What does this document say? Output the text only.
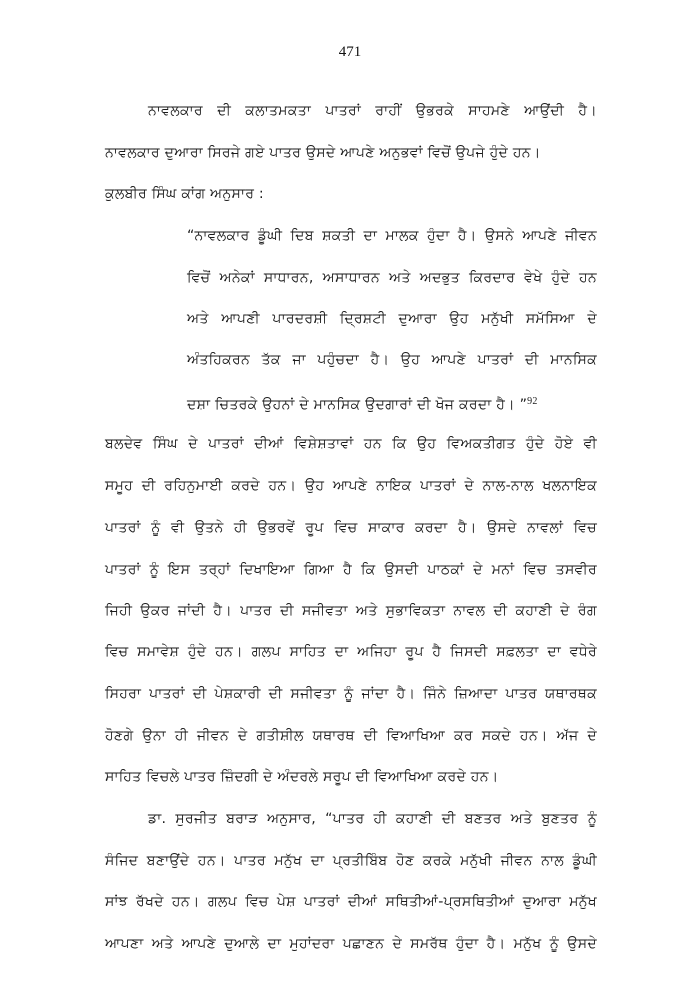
471
ਨਾਵਲਕਾਰ ਦੀ ਕਲਾਤਮਕਤਾ ਪਾਤਰਾਂ ਰਾਹੀਂ ਉਭਰਕੇ ਸਾਹਮਣੇ ਆਉਂਦੀ ਹੈ।
ਨਾਵਲਕਾਰ ਦੁਆਰਾ ਸਿਰਜੇ ਗਏ ਪਾਤਰ ਉਸਦੇ ਆਪਣੇ ਅਨੁਭਵਾਂ ਵਿਚੋਂ ਉਪਜੇ ਹੁੰਦੇ ਹਨ।
ਕੁਲਬੀਰ ਸਿੰਘ ਕਾਂਗ ਅਨੁਸਾਰ :
“ਨਾਵਲਕਾਰ ਡੂੰਘੀ ਦਿਬ ਸ਼ਕਤੀ ਦਾ ਮਾਲਕ ਹੁੰਦਾ ਹੈ। ਉਸਨੇ ਆਪਣੇ ਜੀਵਨ
ਵਿਚੋਂ ਅਨੇਕਾਂ ਸਾਧਾਰਨ, ਅਸਾਧਾਰਨ ਅਤੇ ਅਦਭੁਤ ਕਿਰਦਾਰ ਵੇਖੇ ਹੁੰਦੇ ਹਨ
ਅਤੇ ਆਪਣੀ ਪਾਰਦਰਸ਼ੀ ਦ੍ਰਿਸ਼ਟੀ ਦੁਆਰਾ ਉਹ ਮਨੁੱਖੀ ਸਮੱਸਿਆ ਦੇ
ਅੰਤਹਿਕਰਨ ਤੱਕ ਜਾ ਪਹੁੰਚਦਾ ਹੈ। ਉਹ ਆਪਣੇ ਪਾਤਰਾਂ ਦੀ ਮਾਨਸਿਕ
ਦਸ਼ਾ ਚਿਤਰਕੇ ਉਹਨਾਂ ਦੇ ਮਾਨਸਿਕ ਉਦਗਾਰਾਂ ਦੀ ਖੋਜ ਕਰਦਾ ਹੈ। ”$^{92}$
ਬਲਦੇਵ ਸਿੰਘ ਦੇ ਪਾਤਰਾਂ ਦੀਆਂ ਵਿਸ਼ੇਸ਼ਤਾਵਾਂ ਹਨ ਕਿ ਉਹ ਵਿਅਕਤੀਗਤ ਹੁੰਦੇ ਹੋਏ ਵੀ
ਸਮੂਹ ਦੀ ਰਹਿਨੁਮਾਈ ਕਰਦੇ ਹਨ। ਉਹ ਆਪਣੇ ਨਾਇਕ ਪਾਤਰਾਂ ਦੇ ਨਾਲ-ਨਾਲ ਖਲਨਾਇਕ
ਪਾਤਰਾਂ ਨੂੰ ਵੀ ਉਤਨੇ ਹੀ ਉਭਰਵੇਂ ਰੂਪ ਵਿਚ ਸਾਕਾਰ ਕਰਦਾ ਹੈ। ਉਸਦੇ ਨਾਵਲਾਂ ਵਿਚ
ਪਾਤਰਾਂ ਨੂੰ ਇਸ ਤਰ੍ਹਾਂ ਦਿਖਾਇਆ ਗਿਆ ਹੈ ਕਿ ਉਸਦੀ ਪਾਠਕਾਂ ਦੇ ਮਨਾਂ ਵਿਚ ਤਸਵੀਰ
ਜਿਹੀ ਉਕਰ ਜਾਂਦੀ ਹੈ। ਪਾਤਰ ਦੀ ਸਜੀਵਤਾ ਅਤੇ ਸੁਭਾਵਿਕਤਾ ਨਾਵਲ ਦੀ ਕਹਾਣੀ ਦੇ ਰੰਗ
ਵਿਚ ਸਮਾਵੇਸ਼ ਹੁੰਦੇ ਹਨ। ਗਲਪ ਸਾਹਿਤ ਦਾ ਅਜਿਹਾ ਰੂਪ ਹੈ ਜਿਸਦੀ ਸਫ਼ਲਤਾ ਦਾ ਵਧੇਰੇ
ਸਿਹਰਾ ਪਾਤਰਾਂ ਦੀ ਪੇਸ਼ਕਾਰੀ ਦੀ ਸਜੀਵਤਾ ਨੂੰ ਜਾਂਦਾ ਹੈ। ਜਿੰਨੇ ਜ਼ਿਆਦਾ ਪਾਤਰ ਯਥਾਰਥਕ
ਹੋਣਗੇ ਉਨਾ ਹੀ ਜੀਵਨ ਦੇ ਗਤੀਸ਼ੀਲ ਯਥਾਰਥ ਦੀ ਵਿਆਖਿਆ ਕਰ ਸਕਦੇ ਹਨ। ਅੱਜ ਦੇ
ਸਾਹਿਤ ਵਿਚਲੇ ਪਾਤਰ ਜ਼ਿੰਦਗੀ ਦੇ ਅੰਦਰਲੇ ਸਰੂਪ ਦੀ ਵਿਆਖਿਆ ਕਰਦੇ ਹਨ।
ਡਾ. ਸੁਰਜੀਤ ਬਰਾੜ ਅਨੁਸਾਰ, “ਪਾਤਰ ਹੀ ਕਹਾਣੀ ਦੀ ਬਣਤਰ ਅਤੇ ਬੁਣਤਰ ਨੂੰ
ਸੰਜਿਦ ਬਣਾਉਂਦੇ ਹਨ। ਪਾਤਰ ਮਨੁੱਖ ਦਾ ਪ੍ਰਤੀਬਿੰਬ ਹੋਣ ਕਰਕੇ ਮਨੁੱਖੀ ਜੀਵਨ ਨਾਲ ਡੂੰਘੀ
ਸਾਂਝ ਰੱਖਦੇ ਹਨ। ਗਲਪ ਵਿਚ ਪੇਸ਼ ਪਾਤਰਾਂ ਦੀਆਂ ਸਥਿਤੀਆਂ-ਪ੍ਰਸਥਿਤੀਆਂ ਦੁਆਰਾ ਮਨੁੱਖ
ਆਪਣਾ ਅਤੇ ਆਪਣੇ ਦੁਆਲੇ ਦਾ ਮੁਹਾਂਦਰਾ ਪਛਾਣਨ ਦੇ ਸਮਰੱਥ ਹੁੰਦਾ ਹੈ। ਮਨੁੱਖ ਨੂੰ ਉਸਦੇ
